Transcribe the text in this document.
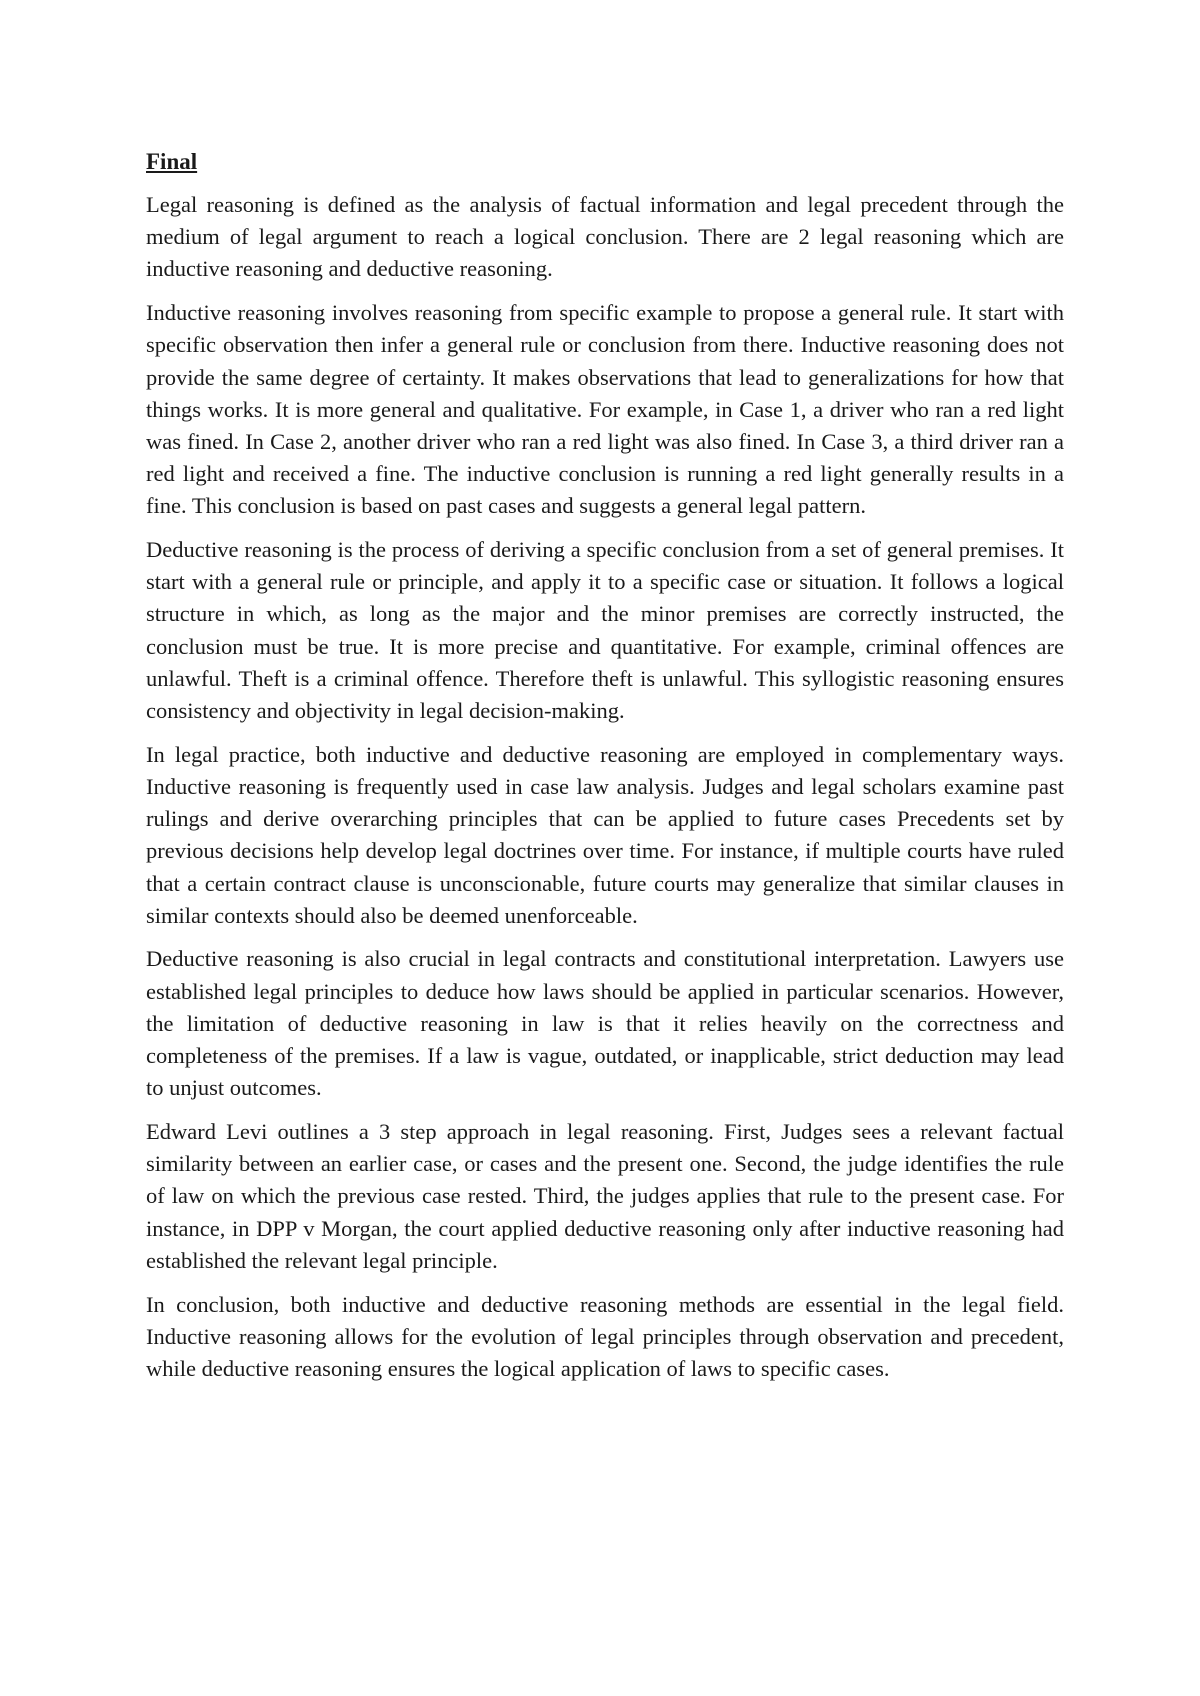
Final

Legal reasoning is defined as the analysis of factual information and legal precedent through the medium of legal argument to reach a logical conclusion. There are 2 legal reasoning which are inductive reasoning and deductive reasoning.

Inductive reasoning involves reasoning from specific example to propose a general rule. It start with specific observation then infer a general rule or conclusion from there. Inductive reasoning does not provide the same degree of certainty. It makes observations that lead to generalizations for how that things works. It is more general and qualitative. For example, in Case 1, a driver who ran a red light was fined. In Case 2, another driver who ran a red light was also fined. In Case 3, a third driver ran a red light and received a fine. The inductive conclusion is running a red light generally results in a fine. This conclusion is based on past cases and suggests a general legal pattern.

Deductive reasoning is the process of deriving a specific conclusion from a set of general premises. It start with a general rule or principle, and apply it to a specific case or situation. It follows a logical structure in which, as long as the major and the minor premises are correctly instructed, the conclusion must be true. It is more precise and quantitative. For example, criminal offences are unlawful. Theft is a criminal offence. Therefore theft is unlawful. This syllogistic reasoning ensures consistency and objectivity in legal decision-making.

In legal practice, both inductive and deductive reasoning are employed in complementary ways. Inductive reasoning is frequently used in case law analysis. Judges and legal scholars examine past rulings and derive overarching principles that can be applied to future cases Precedents set by previous decisions help develop legal doctrines over time. For instance, if multiple courts have ruled that a certain contract clause is unconscionable, future courts may generalize that similar clauses in similar contexts should also be deemed unenforceable.

Deductive reasoning is also crucial in legal contracts and constitutional interpretation. Lawyers use established legal principles to deduce how laws should be applied in particular scenarios. However, the limitation of deductive reasoning in law is that it relies heavily on the correctness and completeness of the premises. If a law is vague, outdated, or inapplicable, strict deduction may lead to unjust outcomes.

Edward Levi outlines a 3 step approach in legal reasoning. First, Judges sees a relevant factual similarity between an earlier case, or cases and the present one. Second, the judge identifies the rule of law on which the previous case rested. Third, the judges applies that rule to the present case. For instance, in DPP v Morgan, the court applied deductive reasoning only after inductive reasoning had established the relevant legal principle.

In conclusion, both inductive and deductive reasoning methods are essential in the legal field. Inductive reasoning allows for the evolution of legal principles through observation and precedent, while deductive reasoning ensures the logical application of laws to specific cases.
